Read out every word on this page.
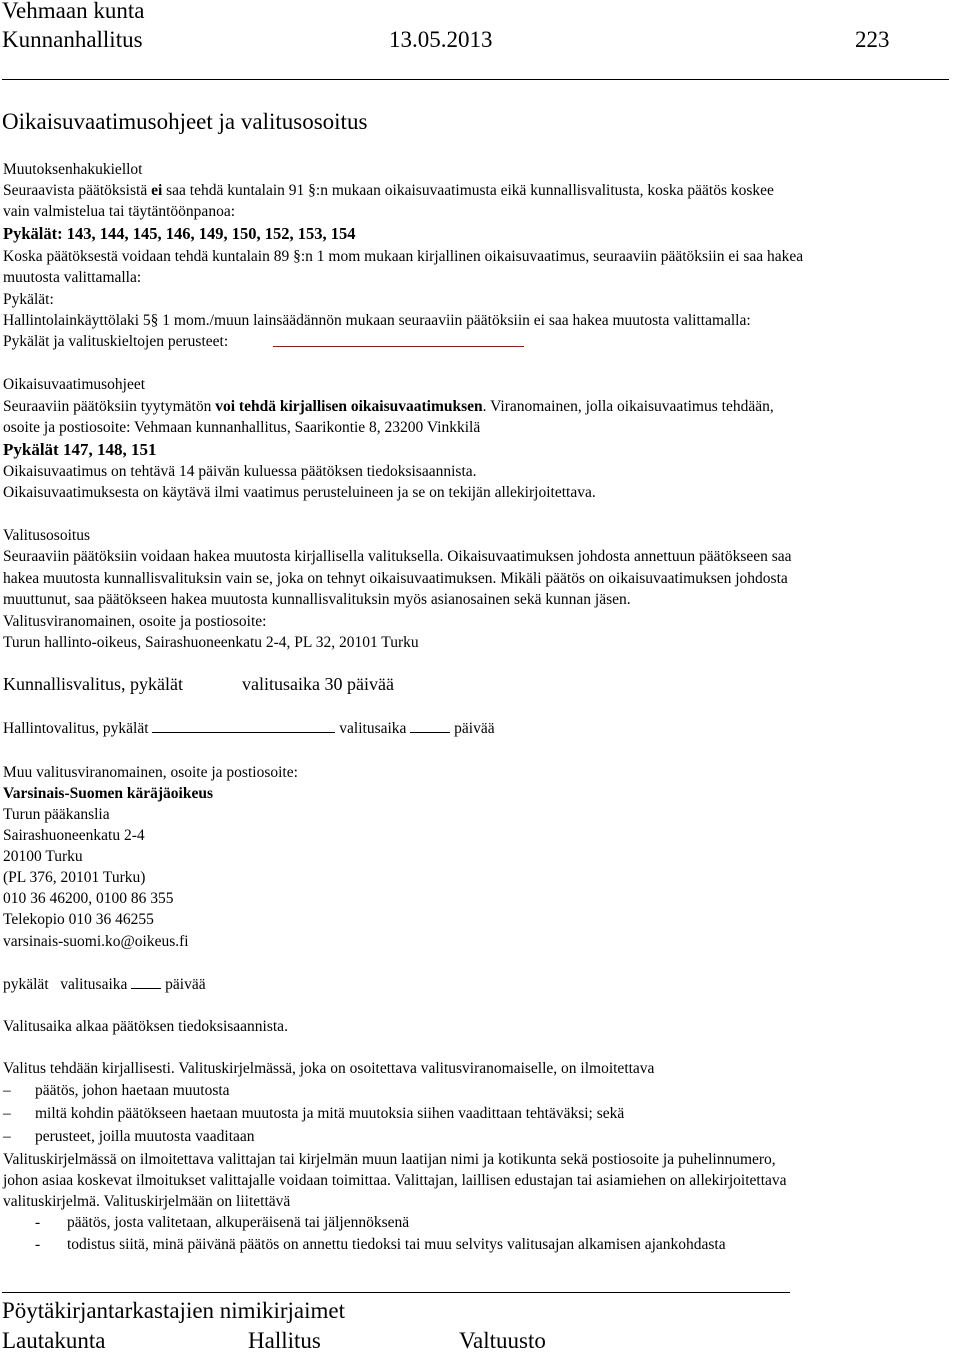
Vehmaan kunta
Kunnanhallitus	13.05.2013	223
Oikaisuvaatimusohjeet ja valitusosoitus
Muutoksenhakukiellot
Seuraavista päätöksistä ei saa tehdä kuntalain 91 §:n mukaan oikaisuvaatimusta eikä kunnallisvalitusta, koska päätös koskee
vain valmistelua tai täytäntöönpanoa:
Pykälät: 143, 144, 145, 146, 149, 150, 152, 153, 154
Koska päätöksestä voidaan tehdä kuntalain 89 §:n 1 mom mukaan kirjallinen oikaisuvaatimus, seuraaviin päätöksiin ei saa hakea
muutosta valittamalla:
Pykälät:
Hallintolainkäyttölaki 5§ 1 mom./muun lainsäädännön mukaan seuraaviin päätöksiin ei saa hakea muutosta valittamalla:
Pykälät ja valituskieltojen perusteet:
Oikaisuvaatimusohjeet
Seuraaviin päätöksiin tyytymätön voi tehdä kirjallisen oikaisuvaatimuksen. Viranomainen, jolla oikaisuvaatimus tehdään,
osoite ja postiosoite: Vehmaan kunnanhallitus, Saarikontie 8, 23200 Vinkkilä
Pykälät 147, 148, 151
Oikaisuvaatimus on tehtävä 14 päivän kuluessa päätöksen tiedoksisaannista.
Oikaisuvaatimuksesta on käytävä ilmi vaatimus perusteluineen ja se on tekijän allekirjoitettava.
Valitusosoitus
Seuraaviin päätöksiin voidaan hakea muutosta kirjallisella valituksella. Oikaisuvaatimuksen johdosta annettuun päätökseen saa
hakea muutosta kunnallisvalituksin vain se, joka on tehnyt oikaisuvaatimuksen. Mikäli päätös on oikaisuvaatimuksen johdosta
muuttunut, saa päätökseen hakea muutosta kunnallisvalituksin myös asianosainen sekä kunnan jäsen.
Valitusviranomainen, osoite ja postiosoite:
Turun hallinto-oikeus, Sairashuoneenkatu 2-4, PL 32, 20101 Turku
Kunnallisvalitus, pykälät	valitusaika 30 päivää
Hallintovalitus, pykälät	valitusaika	päivää
Muu valitusviranomainen, osoite ja postiosoite:
Varsinais-Suomen käräjäoikeus
Turun pääkanslia
Sairashuoneenkatu 2-4
20100 Turku
(PL 376, 20101 Turku)
010 36 46200, 0100 86 355
Telekopio 010 36 46255
varsinais-suomi.ko@oikeus.fi
pykälät valitusaika päivää
Valitusaika alkaa päätöksen tiedoksisaannista.
Valitus tehdään kirjallisesti. Valituskirjelmässä, joka on osoitettava valitusviranomaiselle, on ilmoitettava
– päätös, johon haetaan muutosta
– miltä kohdin päätökseen haetaan muutosta ja mitä muutoksia siihen vaadittaan tehtäväksi; sekä
– perusteet, joilla muutosta vaaditaan
Valituskirjelmässä on ilmoitettava valittajan tai kirjelmän muun laatijan nimi ja kotikunta sekä postiosoite ja puhelinnumero,
johon asiaa koskevat ilmoitukset valittajalle voidaan toimittaa. Valittajan, laillisen edustajan tai asiamiehen on allekirjoitettava
valituskirjelmä. Valituskirjelmään on liitettävä
- päätös, josta valitetaan, alkuperäisenä tai jäljennöksenä
- todistus siitä, minä päivänä päätös on annettu tiedoksi tai muu selvitys valitusajan alkamisen ajankohdasta
Pöytäkirjantarkastajien nimikirjaimet
Lautakunta	Hallitus	Valtuusto
